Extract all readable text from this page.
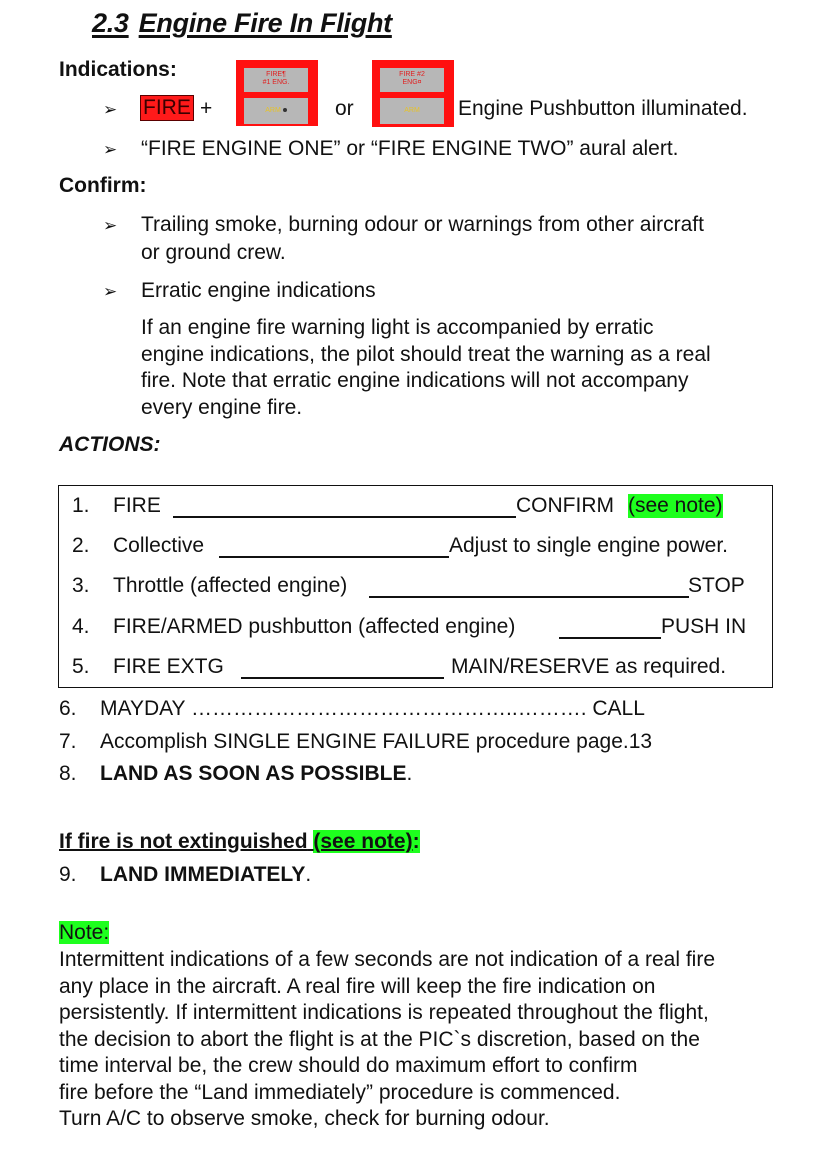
2.3 Engine Fire In Flight
Indications:
➢	FIRE +
FIRE¶
#1 ENG.
ARM	or
FIRE #2
ENG¤
ARM	Engine Pushbutton illuminated.
➢ “FIRE ENGINE ONE” or “FIRE ENGINE TWO” aural alert.
Confirm:
➢ Trailing smoke, burning odour or warnings from other aircraft
or ground crew.
➢ Erratic engine indications
If an engine fire warning light is accompanied by erratic
engine indications, the pilot should treat the warning as a real
fire. Note that erratic engine indications will not accompany
every engine fire.
ACTIONS:
1. FIRE	CONFIRM (see note)
2. Collective	Adjust to single engine power.
3. Throttle (affected engine)	STOP
4. FIRE/ARMED pushbutton (affected engine)	PUSH IN
5. FIRE EXTG	MAIN/RESERVE as required.
6. MAYDAY ………………………………………..………. CALL
7. Accomplish SINGLE ENGINE FAILURE procedure page.13
8. LAND AS SOON AS POSSIBLE.
If fire is not extinguished (see note):
9. LAND IMMEDIATELY.
Note:
Intermittent indications of a few seconds are not indication of a real fire
any place in the aircraft. A real fire will keep the fire indication on
persistently. If intermittent indications is repeated throughout the flight,
the decision to abort the flight is at the PIC`s discretion, based on the
time interval be, the crew should do maximum effort to confirm
fire before the “Land immediately” procedure is commenced.
Turn A/C to observe smoke, check for burning odour.
